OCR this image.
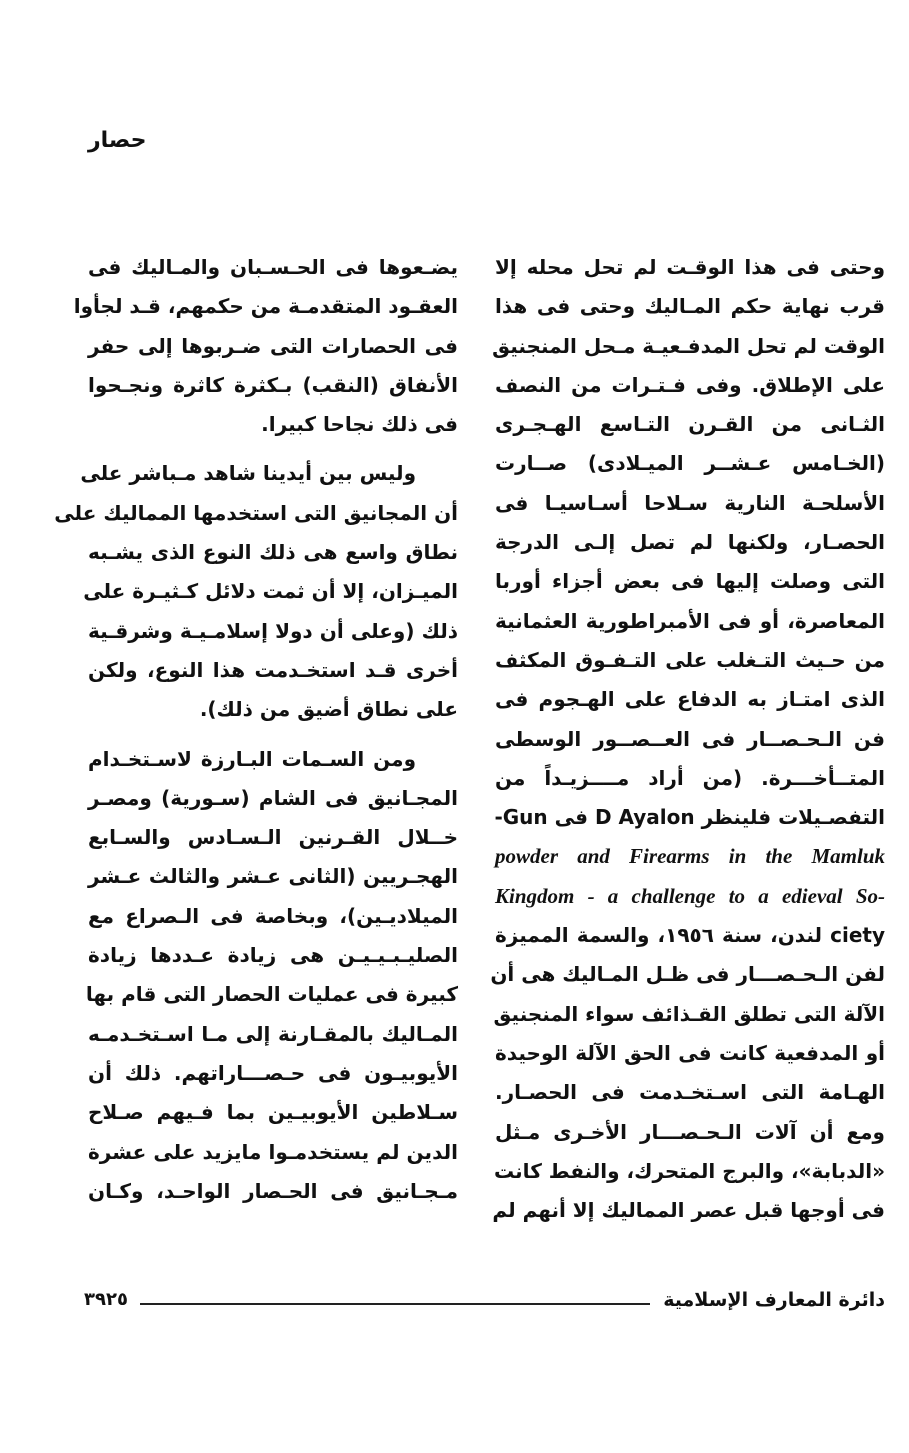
حصار
وحتى فى هذا الوقـت لم تحل محله إلا
قرب نهاية حكم المـاليك وحتى فى هذا
الوقت لم تحل المدفـعيـة مـحل المنجنيق
على الإطلاق. وفى فـتـرات من النصف
الثـانى من القـرن التـاسع الهـجـرى
(الخـامس عـشــر الميـلادى) صــارت
الأسلحـة النارية سـلاحا أسـاسيـا فى
الحصـار، ولكنها لم تصل إلـى الدرجة
التى وصلت إليها فى بعض أجزاء أوربا
المعاصرة، أو فى الأمبراطورية العثمانية
من حـيث التـغلب على التـفـوق المكثف
الذى امتـاز به الدفاع على الهـجوم فى
فن الـحـصــار فى العــصــور الوسطى
المتــأخـــرة. (من أراد مــــزيـداً من
التفصـيلات فلينظر D Ayalon فى Gun-
powder and Firearms in the Mamluk
Kingdom - a challenge to a edieval So-
ciety لندن، سنة ١٩٥٦، والسمة المميزة
لفن الـحـصـــار فى ظـل المـاليك هى أن
الآلة التى تطلق القـذائف سواء المنجنيق
أو المدفعية كانت فى الحق الآلة الوحيدة
الهـامة التى اسـتخـدمت فى الحصـار.
ومع أن آلات الـحـصـــار الأخـرى مـثل
«الدبابة»، والبرج المتحرك، والنفط كانت
فى أوجها قبل عصر المماليك إلا أنهم لم
يضـعوها فى الحـسـبان والمـاليك فى
العقـود المتقدمـة من حكمهم، قـد لجأوا
فى الحصارات التى ضـربوها إلى حفر
الأنفاق (النقب) بـكثرة كاثرة ونجـحوا
فى ذلك نجاحا كبيرا.
وليس بين أيدينا شاهد مـباشر على
أن المجانيق التى استخدمها المماليك على
نطاق واسع هى ذلك النوع الذى يشـبه
الميـزان، إلا أن ثمت دلائل كـثيـرة على
ذلك (وعلى أن دولا إسلامـيـة وشرقـية
أخرى قـد استخـدمت هذا النوع، ولكن
على نطاق أضيق من ذلك).
ومن السـمات البـارزة لاسـتخـدام
المجـانيق فى الشام (سـورية) ومصـر
خــلال القـرنين الـسـادس والسـابع
الهجـريين (الثانى عـشر والثالث عـشر
الميلاديـين)، وبخاصة فى الـصراع مع
الصليـبـيـيـن هى زيادة عـددها زيادة
كبيرة فى عمليات الحصار التى قام بها
المـاليك بالمقـارنة إلى مـا اسـتخـدمـه
الأيوبيـون فى حـصـــاراتهم. ذلك أن
سـلاطين الأيوبيـين بما فـيهم صـلاح
الدين لم يستخدمـوا مايزيد على عشرة
مـجـانيق فى الحـصار الواحـد، وكـان
دائرة المعارف الإسلامية
٣٩٢٥
